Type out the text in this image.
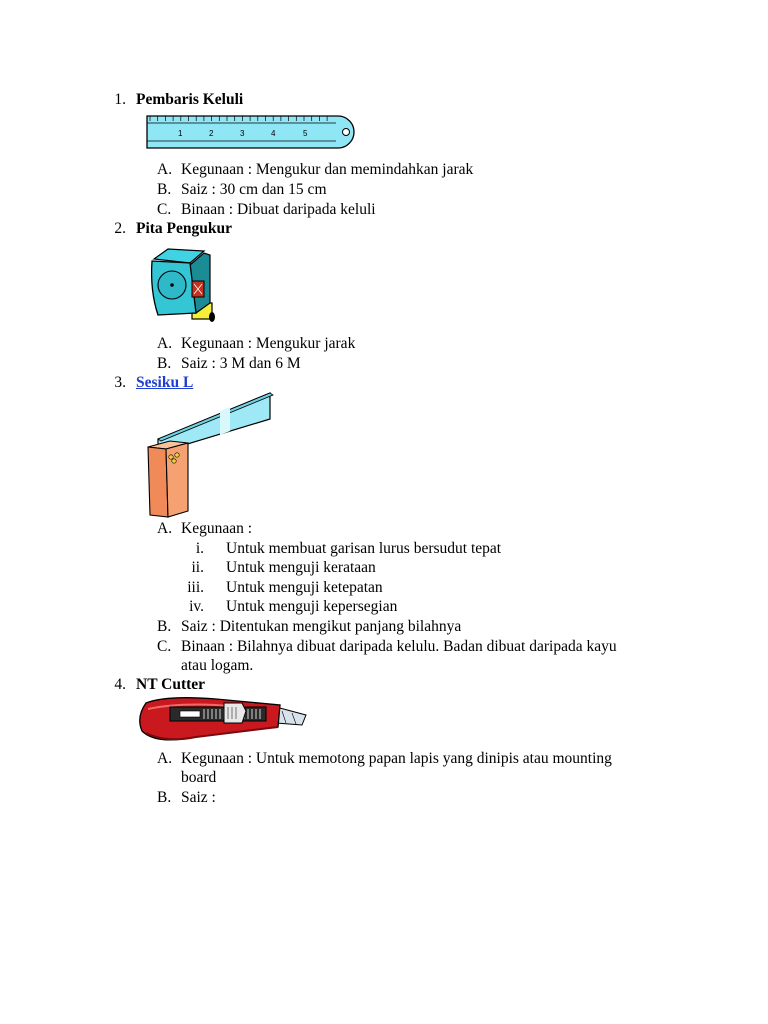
1. Pembaris Keluli
1	2	3	4	5
A. Kegunaan : Mengukur dan memindahkan jarak
B. Saiz : 30 cm dan 15 cm
C. Binaan : Dibuat daripada keluli
2. Pita Pengukur
A. Kegunaan : Mengukur jarak
B. Saiz : 3 M dan 6 M
3. Sesiku L
A. Kegunaan :
i. Untuk membuat garisan lurus bersudut tepat
ii. Untuk menguji kerataan
iii. Untuk menguji ketepatan
iv. Untuk menguji kepersegian
B. Saiz : Ditentukan mengikut panjang bilahnya
C. Binaan : Bilahnya dibuat daripada kelulu. Badan dibuat daripada kayu
atau logam.
4. NT Cutter
A. Kegunaan : Untuk memotong papan lapis yang dinipis atau mounting
board
B. Saiz :
